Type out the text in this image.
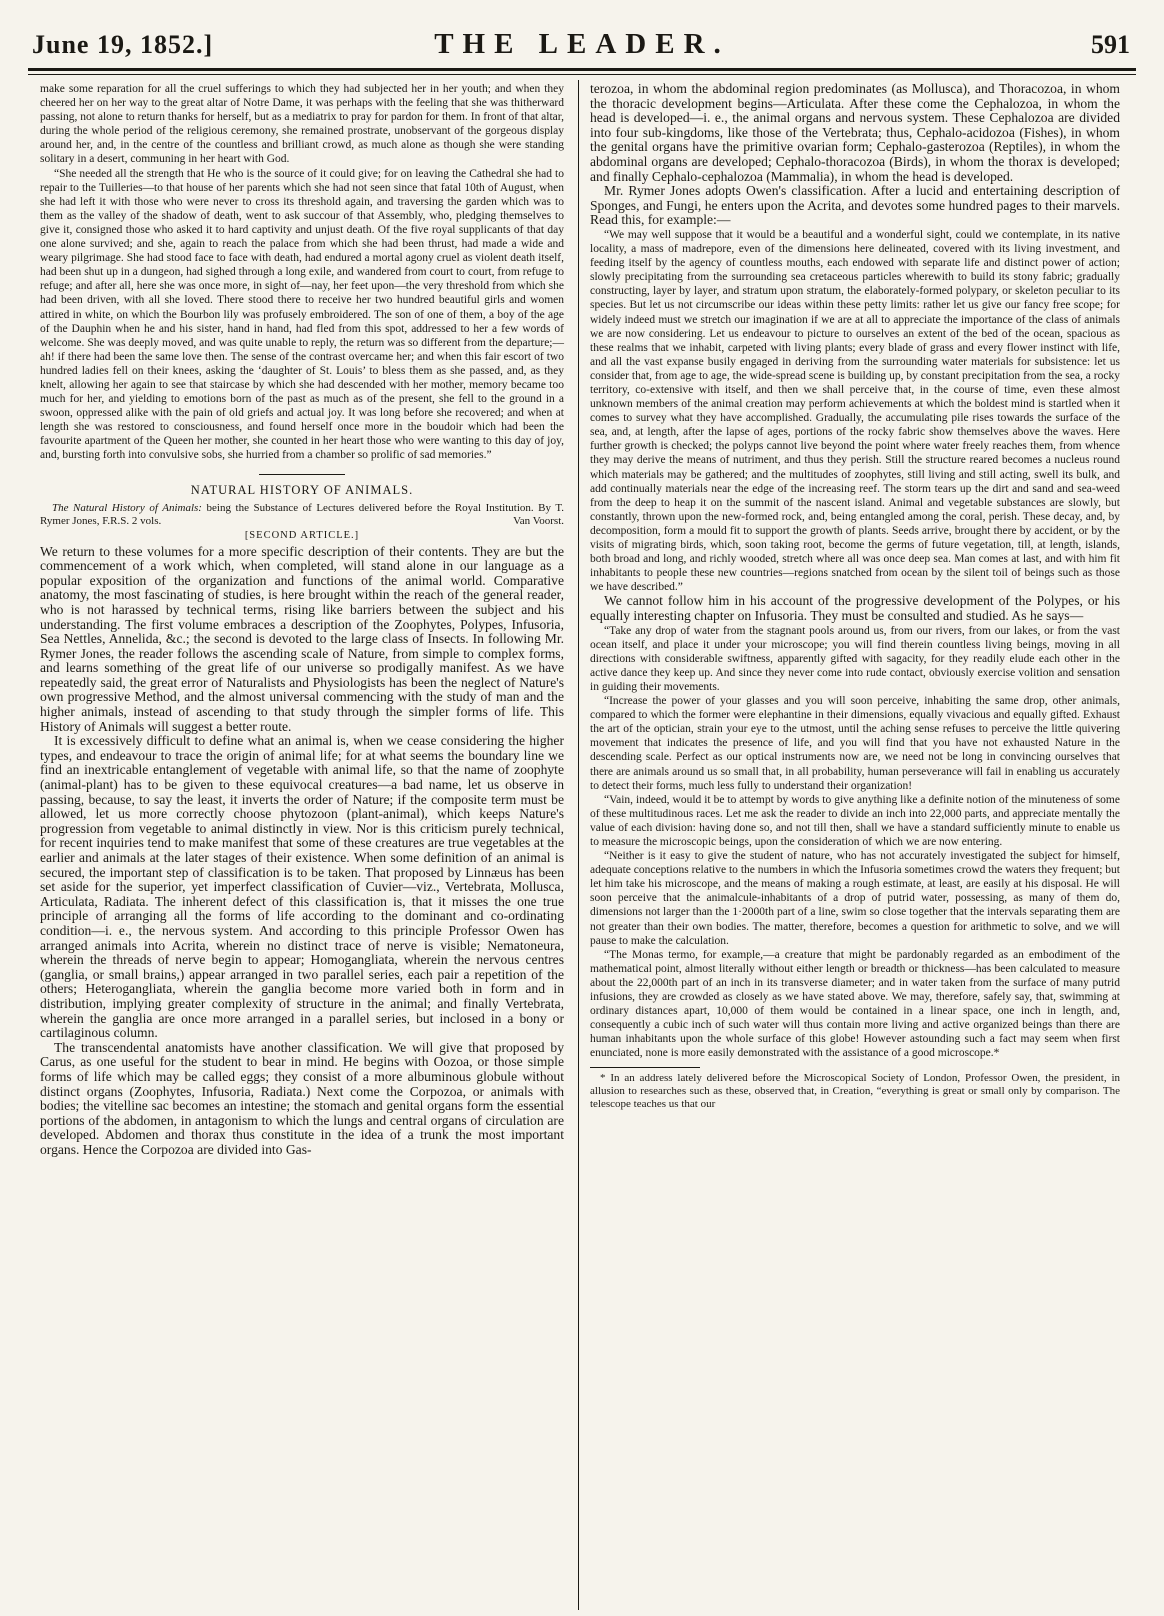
June 19, 1852.]	THE LEADER.	591

make some reparation for all the cruel sufferings to which they had subjected her in her youth; and when they cheered her on her way to the great altar of Notre Dame, it was perhaps with the feeling that she was thitherward passing, not alone to return thanks for herself, but as a mediatrix to pray for pardon for them. In front of that altar, during the whole period of the religious ceremony, she remained prostrate, unobservant of the gorgeous display around her, and, in the centre of the countless and brilliant crowd, as much alone as though she were standing solitary in a desert, communing in her heart with God.

“She needed all the strength that He who is the source of it could give; for on leaving the Cathedral she had to repair to the Tuilleries—to that house of her parents which she had not seen since that fatal 10th of August, when she had left it with those who were never to cross its threshold again, and traversing the garden which was to them as the valley of the shadow of death, went to ask succour of that Assembly, who, pledging themselves to give it, consigned those who asked it to hard captivity and unjust death. Of the five royal supplicants of that day one alone survived; and she, again to reach the palace from which she had been thrust, had made a wide and weary pilgrimage. She had stood face to face with death, had endured a mortal agony cruel as violent death itself, had been shut up in a dungeon, had sighed through a long exile, and wandered from court to court, from refuge to refuge; and after all, here she was once more, in sight of—nay, her feet upon—the very threshold from which she had been driven, with all she loved. There stood there to receive her two hundred beautiful girls and women attired in white, on which the Bourbon lily was profusely embroidered. The son of one of them, a boy of the age of the Dauphin when he and his sister, hand in hand, had fled from this spot, addressed to her a few words of welcome. She was deeply moved, and was quite unable to reply, the return was so different from the departure;—ah! if there had been the same love then. The sense of the contrast overcame her; and when this fair escort of two hundred ladies fell on their knees, asking the ‘daughter of St. Louis’ to bless them as she passed, and, as they knelt, allowing her again to see that staircase by which she had descended with her mother, memory became too much for her, and yielding to emotions born of the past as much as of the present, she fell to the ground in a swoon, oppressed alike with the pain of old griefs and actual joy. It was long before she recovered; and when at length she was restored to consciousness, and found herself once more in the boudoir which had been the favourite apartment of the Queen her mother, she counted in her heart those who were wanting to this day of joy, and, bursting forth into convulsive sobs, she hurried from a chamber so prolific of sad memories.”

NATURAL HISTORY OF ANIMALS.

The Natural History of Animals: being the Substance of Lectures delivered before the Royal Institution. By T. Rymer Jones, F.R.S. 2 vols.	Van Voorst.

[SECOND ARTICLE.]

We return to these volumes for a more specific description of their contents. They are but the commencement of a work which, when completed, will stand alone in our language as a popular exposition of the organization and functions of the animal world. Comparative anatomy, the most fascinating of studies, is here brought within the reach of the general reader, who is not harassed by technical terms, rising like barriers between the subject and his understanding. The first volume embraces a description of the Zoophytes, Polypes, Infusoria, Sea Nettles, Annelida, &c.; the second is devoted to the large class of Insects. In following Mr. Rymer Jones, the reader follows the ascending scale of Nature, from simple to complex forms, and learns something of the great life of our universe so prodigally manifest. As we have repeatedly said, the great error of Naturalists and Physiologists has been the neglect of Nature's own progressive Method, and the almost universal commencing with the study of man and the higher animals, instead of ascending to that study through the simpler forms of life. This History of Animals will suggest a better route.

It is excessively difficult to define what an animal is, when we cease considering the higher types, and endeavour to trace the origin of animal life; for at what seems the boundary line we find an inextricable entanglement of vegetable with animal life, so that the name of zoophyte (animal-plant) has to be given to these equivocal creatures—a bad name, let us observe in passing, because, to say the least, it inverts the order of Nature; if the composite term must be allowed, let us more correctly choose phytozoon (plant-animal), which keeps Nature's progression from vegetable to animal distinctly in view. Nor is this criticism purely technical, for recent inquiries tend to make manifest that some of these creatures are true vegetables at the earlier and animals at the later stages of their existence. When some definition of an animal is secured, the important step of classification is to be taken. That proposed by Linnæus has been set aside for the superior, yet imperfect classification of Cuvier—viz., Vertebrata, Mollusca, Articulata, Radiata. The inherent defect of this classification is, that it misses the one true principle of arranging all the forms of life according to the dominant and co-ordinating condition—i. e., the nervous system. And according to this principle Professor Owen has arranged animals into Acrita, wherein no distinct trace of nerve is visible; Nematoneura, wherein the threads of nerve begin to appear; Homogangliata, wherein the nervous centres (ganglia, or small brains,) appear arranged in two parallel series, each pair a repetition of the others; Heterogangliata, wherein the ganglia become more varied both in form and in distribution, implying greater complexity of structure in the animal; and finally Vertebrata, wherein the ganglia are once more arranged in a parallel series, but inclosed in a bony or cartilaginous column.

The transcendental anatomists have another classification. We will give that proposed by Carus, as one useful for the student to bear in mind. He begins with Oozoa, or those simple forms of life which may be called eggs; they consist of a more albuminous globule without distinct organs (Zoophytes, Infusoria, Radiata.) Next come the Corpozoa, or animals with bodies; the vitelline sac becomes an intestine; the stomach and genital organs form the essential portions of the abdomen, in antagonism to which the lungs and central organs of circulation are developed. Abdomen and thorax thus constitute in the idea of a trunk the most important organs. Hence the Corpozoa are divided into Gas-

terozoa, in whom the abdominal region predominates (as Mollusca), and Thoracozoa, in whom the thoracic development begins—Articulata. After these come the Cephalozoa, in whom the head is developed—i. e., the animal organs and nervous system. These Cephalozoa are divided into four sub-kingdoms, like those of the Vertebrata; thus, Cephalo-acidozoa (Fishes), in whom the genital organs have the primitive ovarian form; Cephalo-gasterozoa (Reptiles), in whom the abdominal organs are developed; Cephalo-thoracozoa (Birds), in whom the thorax is developed; and finally Cephalo-cephalozoa (Mammalia), in whom the head is developed.

Mr. Rymer Jones adopts Owen's classification. After a lucid and entertaining description of Sponges, and Fungi, he enters upon the Acrita, and devotes some hundred pages to their marvels. Read this, for example:—

“We may well suppose that it would be a beautiful and a wonderful sight, could we contemplate, in its native locality, a mass of madrepore, even of the dimensions here delineated, covered with its living investment, and feeding itself by the agency of countless mouths, each endowed with separate life and distinct power of action; slowly precipitating from the surrounding sea cretaceous particles wherewith to build its stony fabric; gradually constructing, layer by layer, and stratum upon stratum, the elaborately-formed polypary, or skeleton peculiar to its species. But let us not circumscribe our ideas within these petty limits: rather let us give our fancy free scope; for widely indeed must we stretch our imagination if we are at all to appreciate the importance of the class of animals we are now considering. Let us endeavour to picture to ourselves an extent of the bed of the ocean, spacious as these realms that we inhabit, carpeted with living plants; every blade of grass and every flower instinct with life, and all the vast expanse busily engaged in deriving from the surrounding water materials for subsistence: let us consider that, from age to age, the wide-spread scene is building up, by constant precipitation from the sea, a rocky territory, co-extensive with itself, and then we shall perceive that, in the course of time, even these almost unknown members of the animal creation may perform achievements at which the boldest mind is startled when it comes to survey what they have accomplished. Gradually, the accumulating pile rises towards the surface of the sea, and, at length, after the lapse of ages, portions of the rocky fabric show themselves above the waves. Here further growth is checked; the polyps cannot live beyond the point where water freely reaches them, from whence they may derive the means of nutriment, and thus they perish. Still the structure reared becomes a nucleus round which materials may be gathered; and the multitudes of zoophytes, still living and still acting, swell its bulk, and add continually materials near the edge of the increasing reef. The storm tears up the dirt and sand and sea-weed from the deep to heap it on the summit of the nascent island. Animal and vegetable substances are slowly, but constantly, thrown upon the new-formed rock, and, being entangled among the coral, perish. These decay, and, by decomposition, form a mould fit to support the growth of plants. Seeds arrive, brought there by accident, or by the visits of migrating birds, which, soon taking root, become the germs of future vegetation, till, at length, islands, both broad and long, and richly wooded, stretch where all was once deep sea. Man comes at last, and with him fit inhabitants to people these new countries—regions snatched from ocean by the silent toil of beings such as those we have described.”

We cannot follow him in his account of the progressive development of the Polypes, or his equally interesting chapter on Infusoria. They must be consulted and studied. As he says—

“Take any drop of water from the stagnant pools around us, from our rivers, from our lakes, or from the vast ocean itself, and place it under your microscope; you will find therein countless living beings, moving in all directions with considerable swiftness, apparently gifted with sagacity, for they readily elude each other in the active dance they keep up. And since they never come into rude contact, obviously exercise volition and sensation in guiding their movements.

“Increase the power of your glasses and you will soon perceive, inhabiting the same drop, other animals, compared to which the former were elephantine in their dimensions, equally vivacious and equally gifted. Exhaust the art of the optician, strain your eye to the utmost, until the aching sense refuses to perceive the little quivering movement that indicates the presence of life, and you will find that you have not exhausted Nature in the descending scale. Perfect as our optical instruments now are, we need not be long in convincing ourselves that there are animals around us so small that, in all probability, human perseverance will fail in enabling us accurately to detect their forms, much less fully to understand their organization!

“Vain, indeed, would it be to attempt by words to give anything like a definite notion of the minuteness of some of these multitudinous races. Let me ask the reader to divide an inch into 22,000 parts, and appreciate mentally the value of each division: having done so, and not till then, shall we have a standard sufficiently minute to enable us to measure the microscopic beings, upon the consideration of which we are now entering.

“Neither is it easy to give the student of nature, who has not accurately investigated the subject for himself, adequate conceptions relative to the numbers in which the Infusoria sometimes crowd the waters they frequent; but let him take his microscope, and the means of making a rough estimate, at least, are easily at his disposal. He will soon perceive that the animalcule-inhabitants of a drop of putrid water, possessing, as many of them do, dimensions not larger than the 1·2000th part of a line, swim so close together that the intervals separating them are not greater than their own bodies. The matter, therefore, becomes a question for arithmetic to solve, and we will pause to make the calculation.

“The Monas termo, for example,—a creature that might be pardonably regarded as an embodiment of the mathematical point, almost literally without either length or breadth or thickness—has been calculated to measure about the 22,000th part of an inch in its transverse diameter; and in water taken from the surface of many putrid infusions, they are crowded as closely as we have stated above. We may, therefore, safely say, that, swimming at ordinary distances apart, 10,000 of them would be contained in a linear space, one inch in length, and, consequently a cubic inch of such water will thus contain more living and active organized beings than there are human inhabitants upon the whole surface of this globe! However astounding such a fact may seem when first enunciated, none is more easily demonstrated with the assistance of a good microscope.*

* In an address lately delivered before the Microscopical Society of London, Professor Owen, the president, in allusion to researches such as these, observed that, in Creation, “everything is great or small only by comparison. The telescope teaches us that our
